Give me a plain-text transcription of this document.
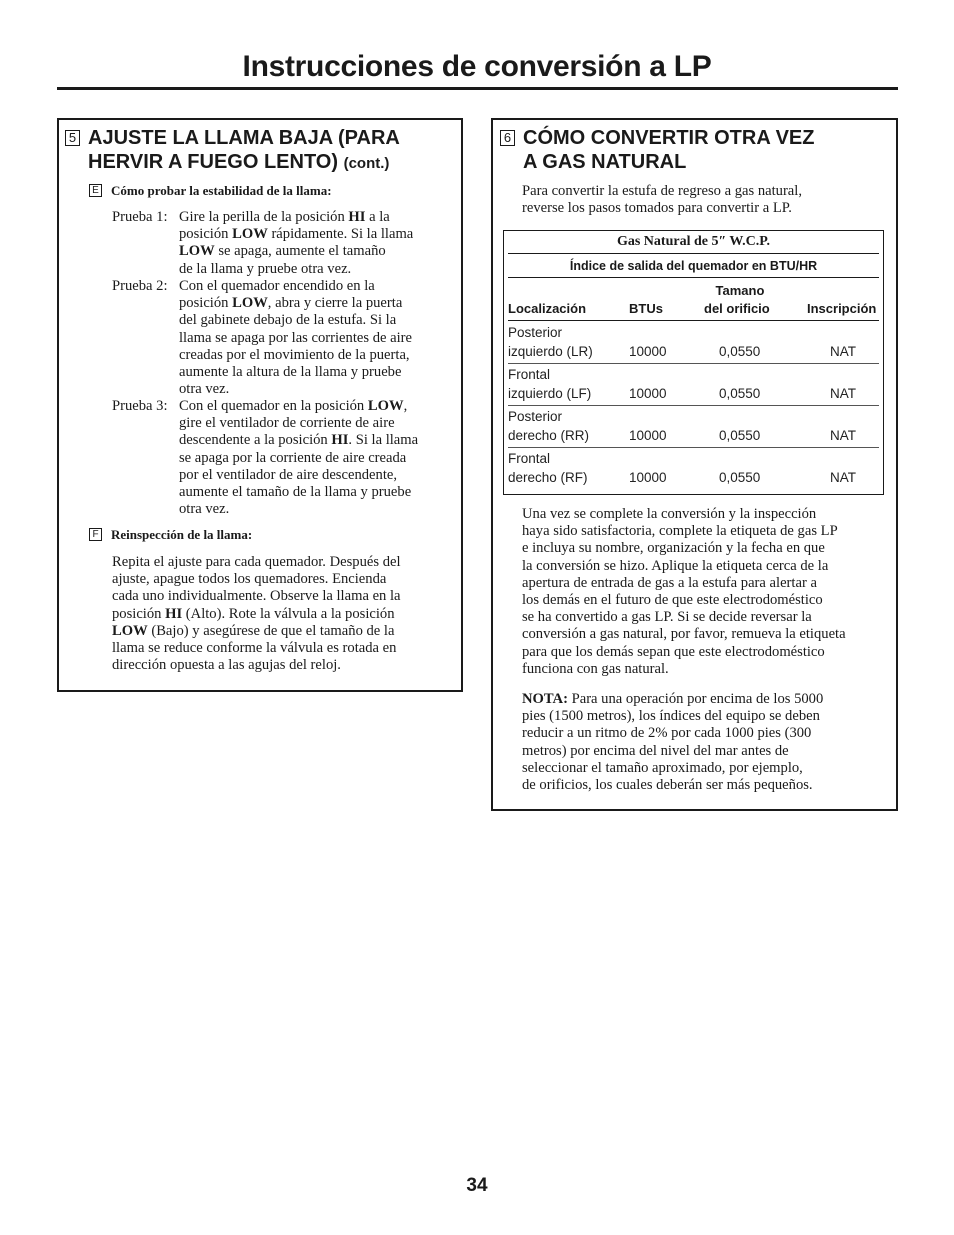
Instrucciones de conversión a LP
5 AJUSTE LA LLAMA BAJA (PARA
HERVIR A FUEGO LENTO) (cont.)
E Cómo probar la estabilidad de la llama:
Prueba 1: Gire la perilla de la posición HI a la
posición LOW rápidamente. Si la llama
LOW se apaga, aumente el tamaño
de la llama y pruebe otra vez.
Prueba 2: Con el quemador encendido en la
posición LOW, abra y cierre la puerta
del gabinete debajo de la estufa. Si la
llama se apaga por las corrientes de aire
creadas por el movimiento de la puerta,
aumente la altura de la llama y pruebe
otra vez.
Prueba 3: Con el quemador en la posición LOW,
gire el ventilador de corriente de aire
descendente a la posición HI. Si la llama
se apaga por la corriente de aire creada
por el ventilador de aire descendente,
aumente el tamaño de la llama y pruebe
otra vez.
F Reinspección de la llama:
Repita el ajuste para cada quemador. Después del
ajuste, apague todos los quemadores. Encienda
cada uno individualmente. Observe la llama en la
posición HI (Alto). Rote la válvula a la posición
LOW (Bajo) y asegúrese de que el tamaño de la
llama se reduce conforme la válvula es rotada en
dirección opuesta a las agujas del reloj.
6 CÓMO CONVERTIR OTRA VEZ
A GAS NATURAL
Para convertir la estufa de regreso a gas natural,
reverse los pasos tomados para convertir a LP.
Gas Natural de 5″ W.C.P.
Índice de salida del quemador en BTU/HR
Localización	BTUs
Tamano
del orificio	Inscripción
Posterior
izquierdo (LR)	10000	0,0550	NAT
Frontal
izquierdo (LF)	10000	0,0550	NAT
Posterior
derecho (RR)	10000	0,0550	NAT
Frontal
derecho (RF)	10000	0,0550	NAT
Una vez se complete la conversión y la inspección
haya sido satisfactoria, complete la etiqueta de gas LP
e incluya su nombre, organización y la fecha en que
la conversión se hizo. Aplique la etiqueta cerca de la
apertura de entrada de gas a la estufa para alertar a
los demás en el futuro de que este electrodoméstico
se ha convertido a gas LP. Si se decide reversar la
conversión a gas natural, por favor, remueva la etiqueta
para que los demás sepan que este electrodoméstico
funciona con gas natural.
NOTA: Para una operación por encima de los 5000
pies (1500 metros), los índices del equipo se deben
reducir a un ritmo de 2% por cada 1000 pies (300
metros) por encima del nivel del mar antes de
seleccionar el tamaño aproximado, por ejemplo,
de orificios, los cuales deberán ser más pequeños.
34
